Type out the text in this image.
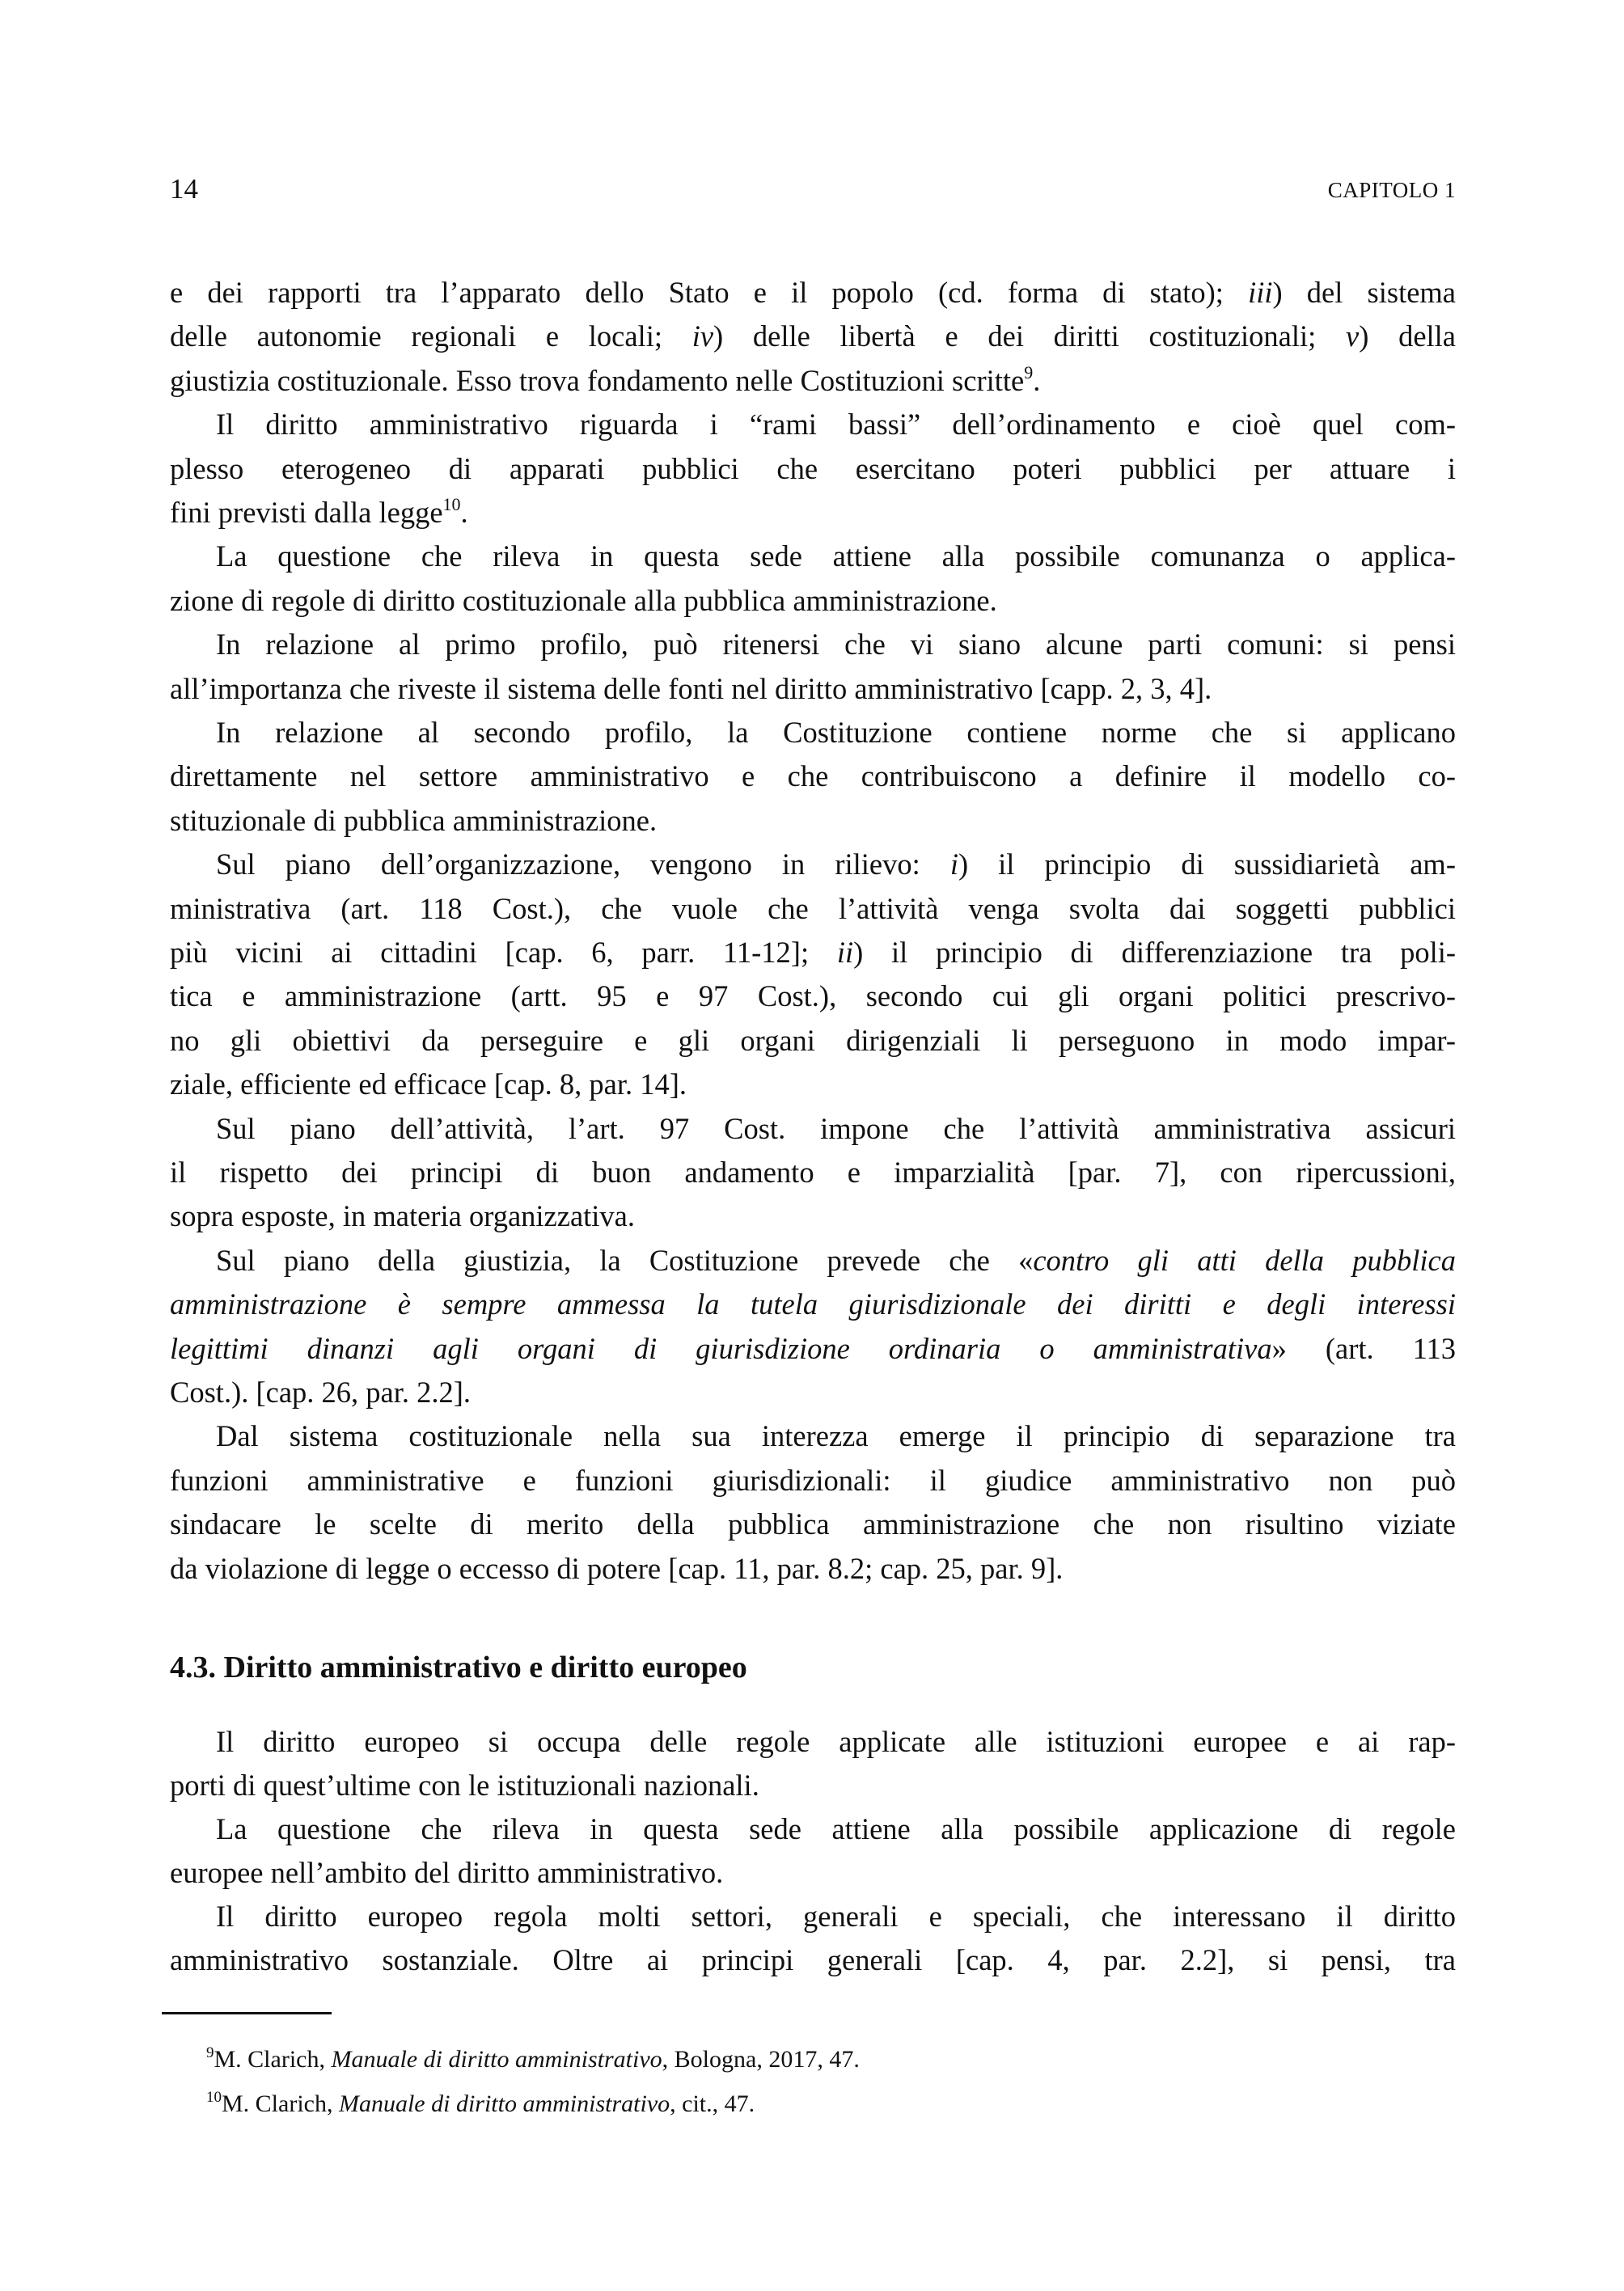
14	CAPITOLO 1
e dei rapporti tra l’apparato dello Stato e il popolo (cd. forma di stato); iii) del sistema
delle autonomie regionali e locali; iv) delle libertà e dei diritti costituzionali; v) della
giustizia costituzionale. Esso trova fondamento nelle Costituzioni scritte$^9$.
Il diritto amministrativo riguarda i “rami bassi” dell’ordinamento e cioè quel com-
plesso eterogeneo di apparati pubblici che esercitano poteri pubblici per attuare i
fini previsti dalla legge$^{10}$.
La questione che rileva in questa sede attiene alla possibile comunanza o applica-
zione di regole di diritto costituzionale alla pubblica amministrazione.
In relazione al primo profilo, può ritenersi che vi siano alcune parti comuni: si pensi
all’importanza che riveste il sistema delle fonti nel diritto amministrativo [capp. 2, 3, 4].
In relazione al secondo profilo, la Costituzione contiene norme che si applicano
direttamente nel settore amministrativo e che contribuiscono a definire il modello co-
stituzionale di pubblica amministrazione.
Sul piano dell’organizzazione, vengono in rilievo: i) il principio di sussidiarietà am-
ministrativa (art. 118 Cost.), che vuole che l’attività venga svolta dai soggetti pubblici
più vicini ai cittadini [cap. 6, parr. 11-12]; ii) il principio di differenziazione tra poli-
tica e amministrazione (artt. 95 e 97 Cost.), secondo cui gli organi politici prescrivo-
no gli obiettivi da perseguire e gli organi dirigenziali li perseguono in modo impar-
ziale, efficiente ed efficace [cap. 8, par. 14].
Sul piano dell’attività, l’art. 97 Cost. impone che l’attività amministrativa assicuri
il rispetto dei principi di buon andamento e imparzialità [par. 7], con ripercussioni,
sopra esposte, in materia organizzativa.
Sul piano della giustizia, la Costituzione prevede che «contro gli atti della pubblica
amministrazione è sempre ammessa la tutela giurisdizionale dei diritti e degli interessi
legittimi dinanzi agli organi di giurisdizione ordinaria o amministrativa» (art. 113
Cost.). [cap. 26, par. 2.2].
Dal sistema costituzionale nella sua interezza emerge il principio di separazione tra
funzioni amministrative e funzioni giurisdizionali: il giudice amministrativo non può
sindacare le scelte di merito della pubblica amministrazione che non risultino viziate
da violazione di legge o eccesso di potere [cap. 11, par. 8.2; cap. 25, par. 9].
4.3. Diritto amministrativo e diritto europeo
Il diritto europeo si occupa delle regole applicate alle istituzioni europee e ai rap-
porti di quest’ultime con le istituzionali nazionali.
La questione che rileva in questa sede attiene alla possibile applicazione di regole
europee nell’ambito del diritto amministrativo.
Il diritto europeo regola molti settori, generali e speciali, che interessano il diritto
amministrativo sostanziale. Oltre ai principi generali [cap. 4, par. 2.2], si pensi, tra
$^9$M. Clarich, Manuale di diritto amministrativo, Bologna, 2017, 47.
$^{10}$M. Clarich, Manuale di diritto amministrativo, cit., 47.
